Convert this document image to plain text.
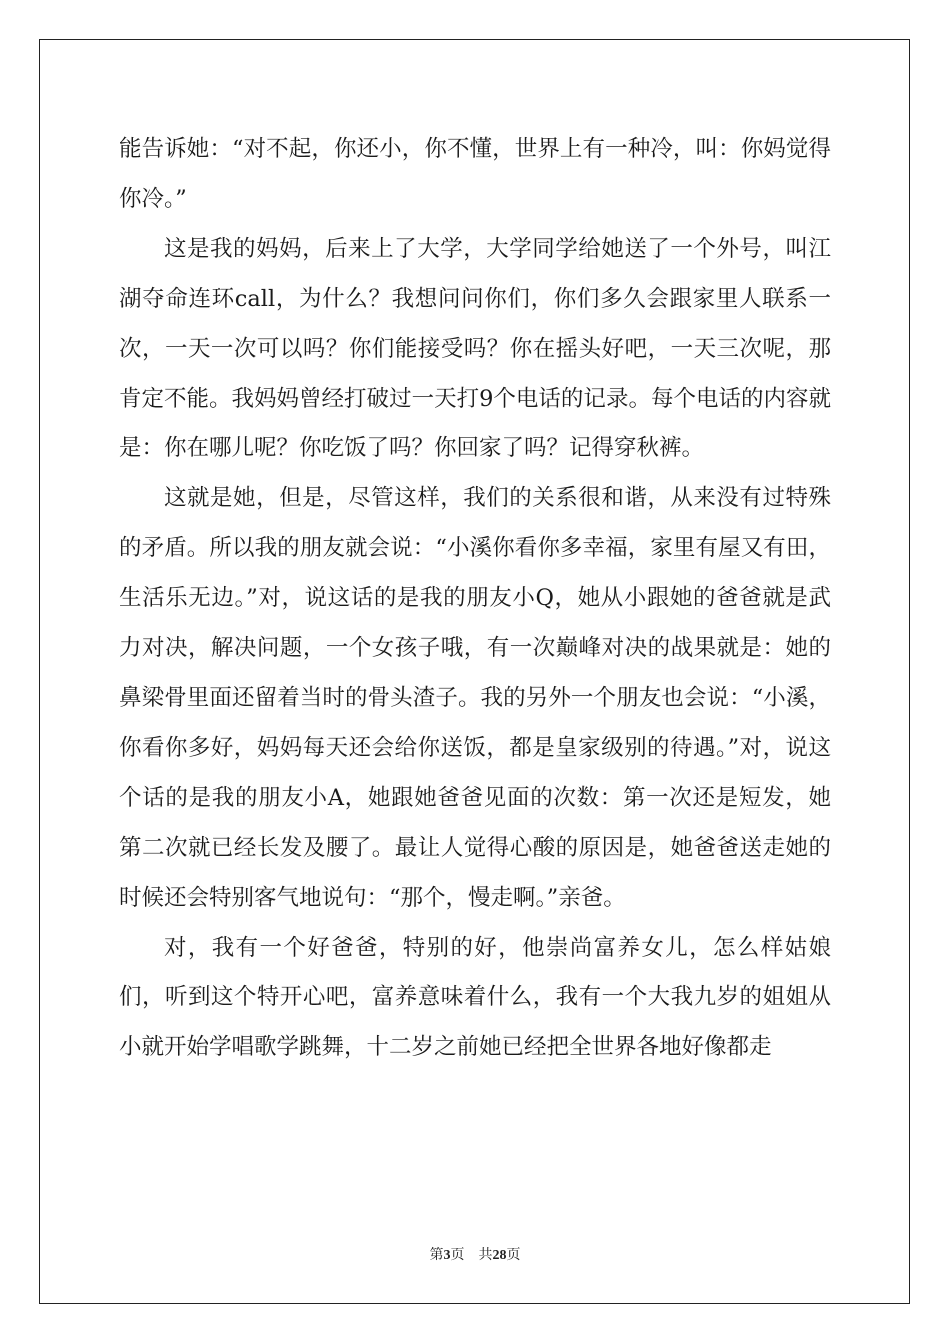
能告诉她：“对不起，你还小，你不懂，世界上有一种冷，叫：你妈觉得你冷。”

这是我的妈妈，后来上了大学，大学同学给她送了一个外号，叫江湖夺命连环call，为什么？我想问问你们，你们多久会跟家里人联系一次，一天一次可以吗？你们能接受吗？你在摇头好吧，一天三次呢，那肯定不能。我妈妈曾经打破过一天打9个电话的记录。每个电话的内容就是：你在哪儿呢？你吃饭了吗？你回家了吗？记得穿秋裤。

这就是她，但是，尽管这样，我们的关系很和谐，从来没有过特殊的矛盾。所以我的朋友就会说：“小溪你看你多幸福，家里有屋又有田，生活乐无边。”对，说这话的是我的朋友小Q，她从小跟她的爸爸就是武力对决，解决问题，一个女孩子哦，有一次巅峰对决的战果就是：她的鼻梁骨里面还留着当时的骨头渣子。我的另外一个朋友也会说：“小溪，你看你多好，妈妈每天还会给你送饭，都是皇家级别的待遇。”对，说这个话的是我的朋友小A，她跟她爸爸见面的次数：第一次还是短发，她第二次就已经长发及腰了。最让人觉得心酸的原因是，她爸爸送走她的时候还会特别客气地说句：“那个，慢走啊。”亲爸。

对，我有一个好爸爸，特别的好，他崇尚富养女儿，怎么样姑娘们，听到这个特开心吧，富养意味着什么，我有一个大我九岁的姐姐从小就开始学唱歌学跳舞，十二岁之前她已经把全世界各地好像都走

第3页 共28页
